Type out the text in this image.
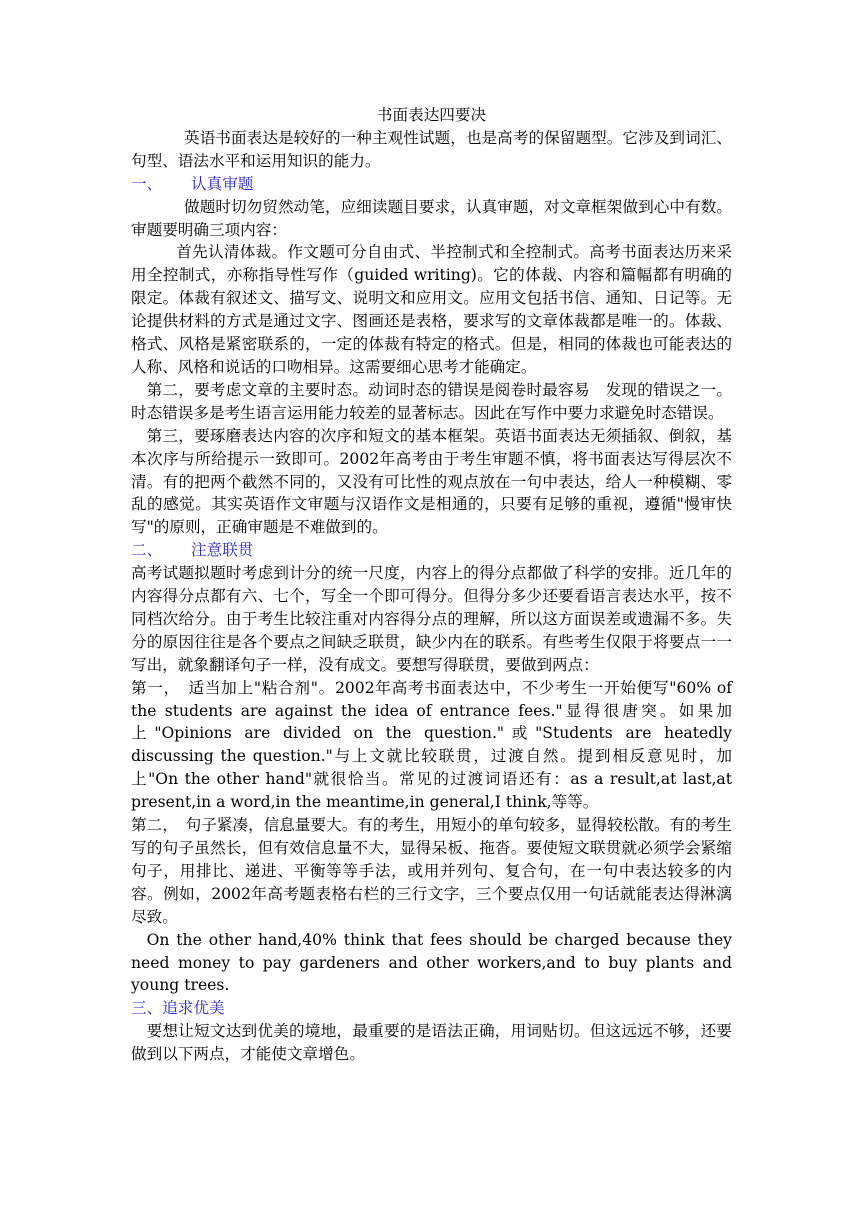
书面表达四要决

英语书面表达是较好的一种主观性试题，也是高考的保留题型。它涉及到词汇、句型、语法水平和运用知识的能力。

一、 认真审题

做题时切勿贸然动笔，应细读题目要求，认真审题，对文章框架做到心中有数。审题要明确三项内容：

首先认清体裁。作文题可分自由式、半控制式和全控制式。高考书面表达历来采用全控制式，亦称指导性写作（guided writing)。它的体裁、内容和篇幅都有明确的限定。体裁有叙述文、描写文、说明文和应用文。应用文包括书信、通知、日记等。无论提供材料的方式是通过文字、图画还是表格，要求写的文章体裁都是唯一的。体裁、格式、风格是紧密联系的，一定的体裁有特定的格式。但是，相同的体裁也可能表达的人称、风格和说话的口吻相异。这需要细心思考才能确定。

第二，要考虑文章的主要时态。动词时态的错误是阅卷时最容易　发现的错误之一。时态错误多是考生语言运用能力较差的显著标志。因此在写作中要力求避免时态错误。

第三，要琢磨表达内容的次序和短文的基本框架。英语书面表达无须插叙、倒叙，基本次序与所给提示一致即可。2002年高考由于考生审题不慎，将书面表达写得层次不清。有的把两个截然不同的，又没有可比性的观点放在一句中表达，给人一种模糊、零乱的感觉。其实英语作文审题与汉语作文是相通的，只要有足够的重视，遵循"慢审快写"的原则，正确审题是不难做到的。

二、 注意联贯

高考试题拟题时考虑到计分的统一尺度，内容上的得分点都做了科学的安排。近几年的内容得分点都有六、七个，写全一个即可得分。但得分多少还要看语言表达水平，按不同档次给分。由于考生比较注重对内容得分点的理解，所以这方面误差或遗漏不多。失分的原因往往是各个要点之间缺乏联贯，缺少内在的联系。有些考生仅限于将要点一一写出，就象翻译句子一样，没有成文。要想写得联贯，要做到两点：

第一，　适当加上"粘合剂"。2002年高考书面表达中，不少考生一开始便写"60% of the students are against the idea of entrance fees."显得很唐突。如果加上"Opinions are divided on the question."或"Students are heatedly discussing the question."与上文就比较联贯，过渡自然。提到相反意见时，加上"On the other hand"就很恰当。常见的过渡词语还有：as a result,at last,at present,in a word,in the meantime,in general,I think,等等。

第二，　句子紧凑，信息量要大。有的考生，用短小的单句较多，显得较松散。有的考生写的句子虽然长，但有效信息量不大，显得呆板、拖沓。要使短文联贯就必须学会紧缩句子，用排比、递进、平衡等等手法，或用并列句、复合句，在一句中表达较多的内容。例如，2002年高考题表格右栏的三行文字，三个要点仅用一句话就能表达得淋漓尽致。

On the other hand,40% think that fees should be charged because they need money to pay gardeners and other workers,and to buy plants and young trees.

三、追求优美

要想让短文达到优美的境地，最重要的是语法正确，用词贴切。但这远远不够，还要做到以下两点，才能使文章增色。
